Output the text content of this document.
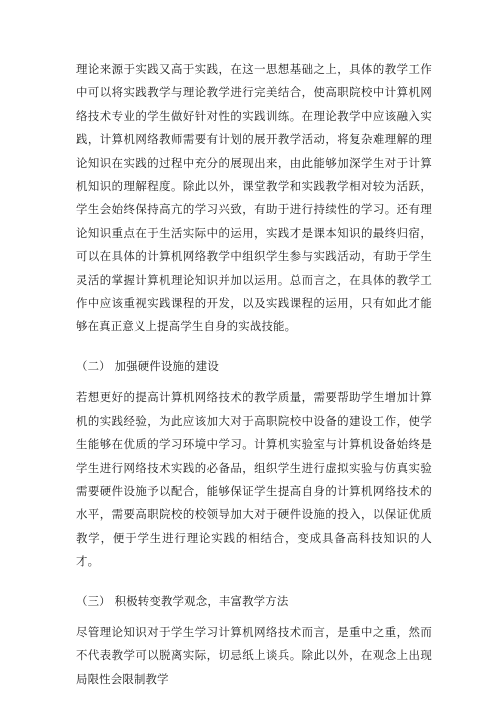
理论来源于实践又高于实践，在这一思想基础之上，具体的教学工作中可以将实践教学与理论教学进行完美结合，使高职院校中计算机网络技术专业的学生做好针对性的实践训练。在理论教学中应该融入实践，计算机网络教师需要有计划的展开教学活动，将复杂难理解的理论知识在实践的过程中充分的展现出来，由此能够加深学生对于计算机知识的理解程度。除此以外，课堂教学和实践教学相对较为活跃，学生会始终保持高亢的学习兴致，有助于进行持续性的学习。还有理论知识重点在于生活实际中的运用，实践才是课本知识的最终归宿，可以在具体的计算机网络教学中组织学生参与实践活动，有助于学生灵活的掌握计算机理论知识并加以运用。总而言之，在具体的教学工作中应该重视实践课程的开发，以及实践课程的运用，只有如此才能够在真正意义上提高学生自身的实战技能。

（二） 加强硬件设施的建设

若想更好的提高计算机网络技术的教学质量，需要帮助学生增加计算机的实践经验，为此应该加大对于高职院校中设备的建设工作，使学生能够在优质的学习环境中学习。计算机实验室与计算机设备始终是学生进行网络技术实践的必备品，组织学生进行虚拟实验与仿真实验需要硬件设施予以配合，能够保证学生提高自身的计算机网络技术的水平，需要高职院校的校领导加大对于硬件设施的投入，以保证优质教学，便于学生进行理论实践的相结合，变成具备高科技知识的人才。

（三） 积极转变教学观念，丰富教学方法

尽管理论知识对于学生学习计算机网络技术而言，是重中之重，然而不代表教学可以脱离实际，切忌纸上谈兵。除此以外，在观念上出现局限性会限制教学
